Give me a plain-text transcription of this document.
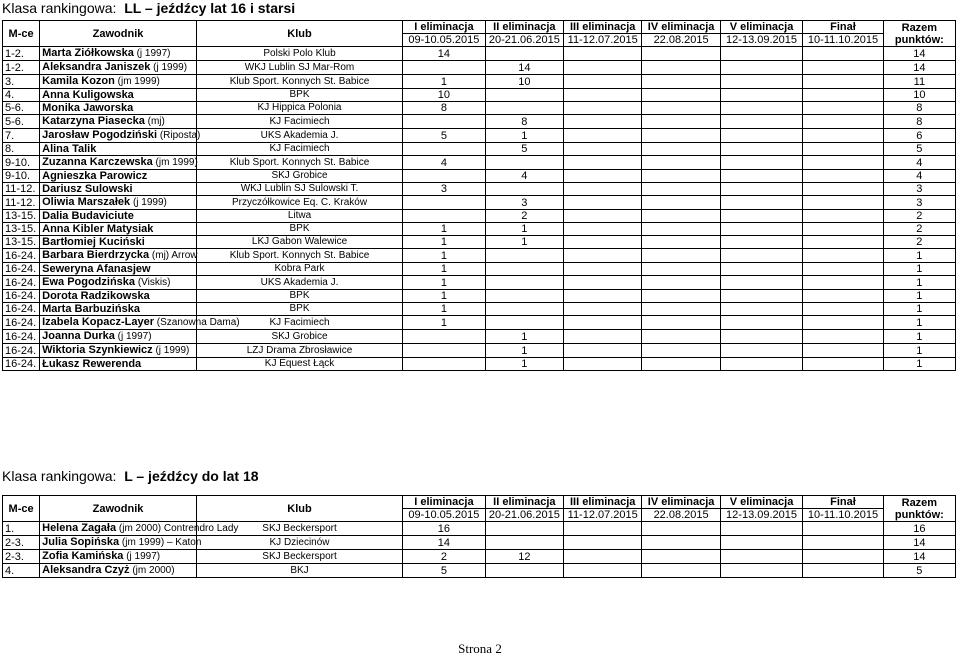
Klasa rankingowa: LL – jeźdźcy lat 16 i starsi
M-ce	Zawodnik	Klub	I eliminacja	II eliminacja	III eliminacja	IV eliminacja	V eliminacja	Finał	Razem
punktów:

			09-10.05.2015	20-21.06.2015	11-12.07.2015	22.08.2015	12-13.09.2015	10-11.10.2015	
1-2.	Marta Ziółkowska (j 1997)	Polski Polo Klub	14						14
1-2.	Aleksandra Janiszek (j 1999)	WKJ Lublin SJ Mar-Rom		14					14
3.	Kamila Kozon (jm 1999)	Klub Sport. Konnych St. Babice	1	10					11
4.	Anna Kuligowska	BPK	10						10
5-6.	Monika Jaworska	KJ Hippica Polonia	8						8
5-6.	Katarzyna Piasecka (mj)	KJ Facimiech		8					8
7.	Jarosław Pogodziński (Riposta)	UKS Akademia J.	5	1					6
8.	Alina Talik	KJ Facimiech		5					5
9-10.	Zuzanna Karczewska (jm 1999)	Klub Sport. Konnych St. Babice	4						4
9-10.	Agnieszka Parowicz	SKJ Grobice		4					4
11-12.	Dariusz Sulowski	WKJ Lublin SJ Sulowski T.	3						3
11-12.	Oliwia Marszałek (j 1999)	Przyczółkowice Eq. C. Kraków		3					3
13-15.	Dalia Budaviciute	Litwa		2					2
13-15.	Anna Kibler Matysiak	BPK	1	1					2
13-15.	Bartłomiej Kuciński	LKJ Gabon Walewice	1	1					2
16-24.	Barbara Bierdrzycka (mj) Arrow	Klub Sport. Konnych St. Babice	1						1
16-24.	Seweryna Afanasjew	Kobra Park	1						1
16-24.	Ewa Pogodzińska (Viskis)	UKS Akademia J.	1						1
16-24.	Dorota Radzikowska	BPK	1						1
16-24.	Marta Barbuzińska	BPK	1						1
16-24.	Izabela Kopacz-Layer (Szanowna Dama)	KJ Facimiech	1						1
16-24.	Joanna Durka (j 1997)	SKJ Grobice		1					1
16-24.	Wiktoria Szynkiewicz (j 1999)	LZJ Drama Zbrosławice		1					1
16-24.	Łukasz Rewerenda	KJ Equest Łąck		1					1
Klasa rankingowa: L – jeźdźcy do lat 18
M-ce	Zawodnik	Klub	I eliminacja	II eliminacja	III eliminacja	IV eliminacja	V eliminacja	Finał	Razem
punktów:

			09-10.05.2015	20-21.06.2015	11-12.07.2015	22.08.2015	12-13.09.2015	10-11.10.2015	
1.	Helena Zagała (jm 2000) Contrendro Lady	SKJ Beckersport	16						16
2-3.	Julia Sopińska (jm 1999) – Katon	KJ Dziecinów	14						14
2-3.	Zofia Kamińska (j 1997)	SKJ Beckersport	2	12					14
4.	Aleksandra Czyż (jm 2000)	BKJ	5						5
Strona 2
